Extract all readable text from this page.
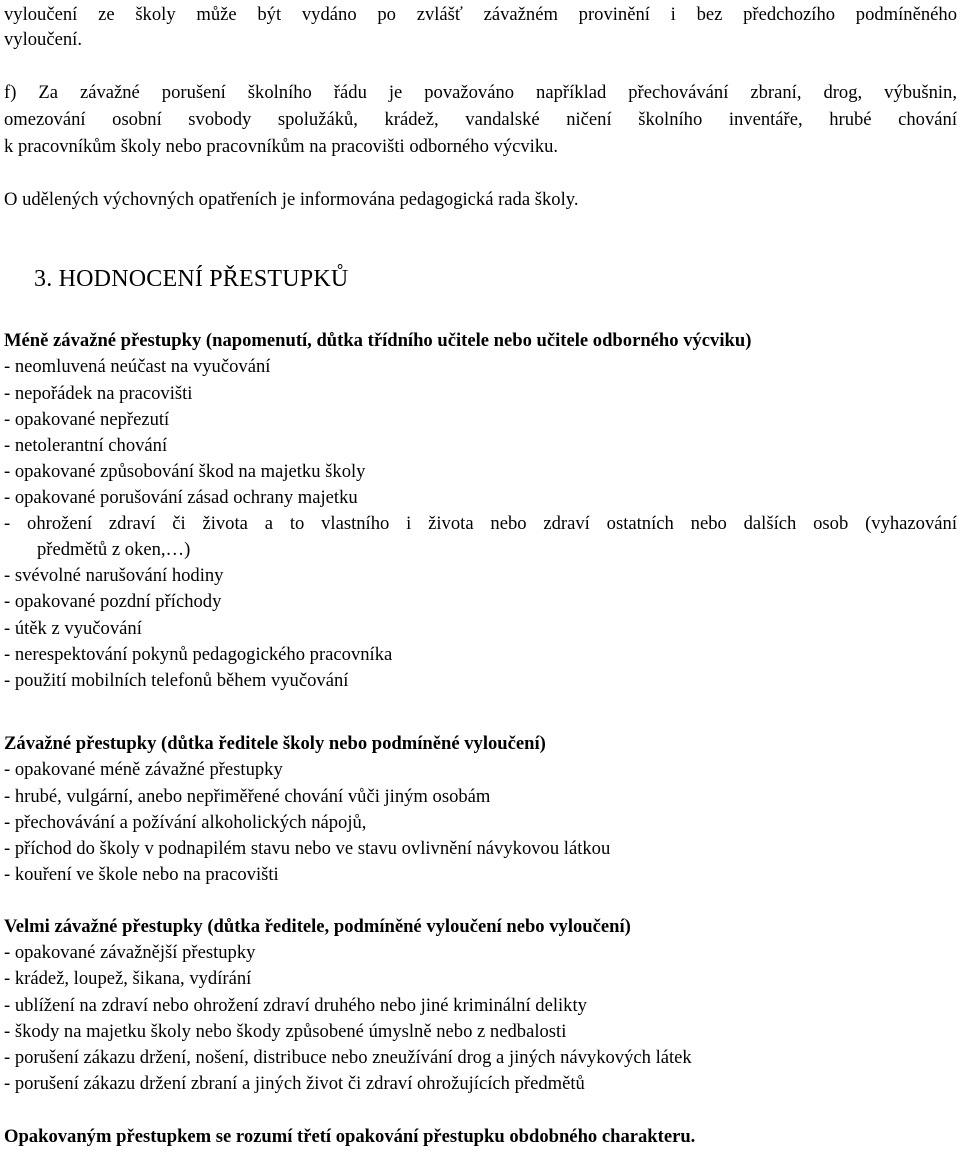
vyloučení ze školy může být vydáno po zvlášť závažném provinění i bez předchozího podmíněného
vyloučení.
f) Za závažné porušení školního řádu je považováno například přechovávání zbraní, drog, výbušnin,
omezování osobní svobody spolužáků, krádež, vandalské ničení školního inventáře, hrubé chování
k pracovníkům školy nebo pracovníkům na pracovišti odborného výcviku.
O udělených výchovných opatřeních je informována pedagogická rada školy.
3. HODNOCENÍ PŘESTUPKŮ
Méně závažné přestupky (napomenutí, důtka třídního učitele nebo učitele odborného výcviku)
- neomluvená neúčast na vyučování
- nepořádek na pracovišti
- opakované nepřezutí
- netolerantní chování
- opakované způsobování škod na majetku školy
- opakované porušování zásad ochrany majetku
- ohrožení zdraví či života a to vlastního i života nebo zdraví ostatních nebo dalších osob (vyhazování
předmětů z oken,…)
- svévolné narušování hodiny
- opakované pozdní příchody
- útěk z vyučování
- nerespektování pokynů pedagogického pracovníka
- použití mobilních telefonů během vyučování
Závažné přestupky (důtka ředitele školy nebo podmíněné vyloučení)
- opakované méně závažné přestupky
- hrubé, vulgární, anebo nepřiměřené chování vůči jiným osobám
- přechovávání a požívání alkoholických nápojů,
- příchod do školy v podnapilém stavu nebo ve stavu ovlivnění návykovou látkou
- kouření ve škole nebo na pracovišti
Velmi závažné přestupky (důtka ředitele, podmíněné vyloučení nebo vyloučení)
- opakované závažnější přestupky
- krádež, loupež, šikana, vydírání
- ublížení na zdraví nebo ohrožení zdraví druhého nebo jiné kriminální delikty
- škody na majetku školy nebo škody způsobené úmyslně nebo z nedbalosti
- porušení zákazu držení, nošení, distribuce nebo zneužívání drog a jiných návykových látek
- porušení zákazu držení zbraní a jiných život či zdraví ohrožujících předmětů
Opakovaným přestupkem se rozumí třetí opakování přestupku obdobného charakteru.
